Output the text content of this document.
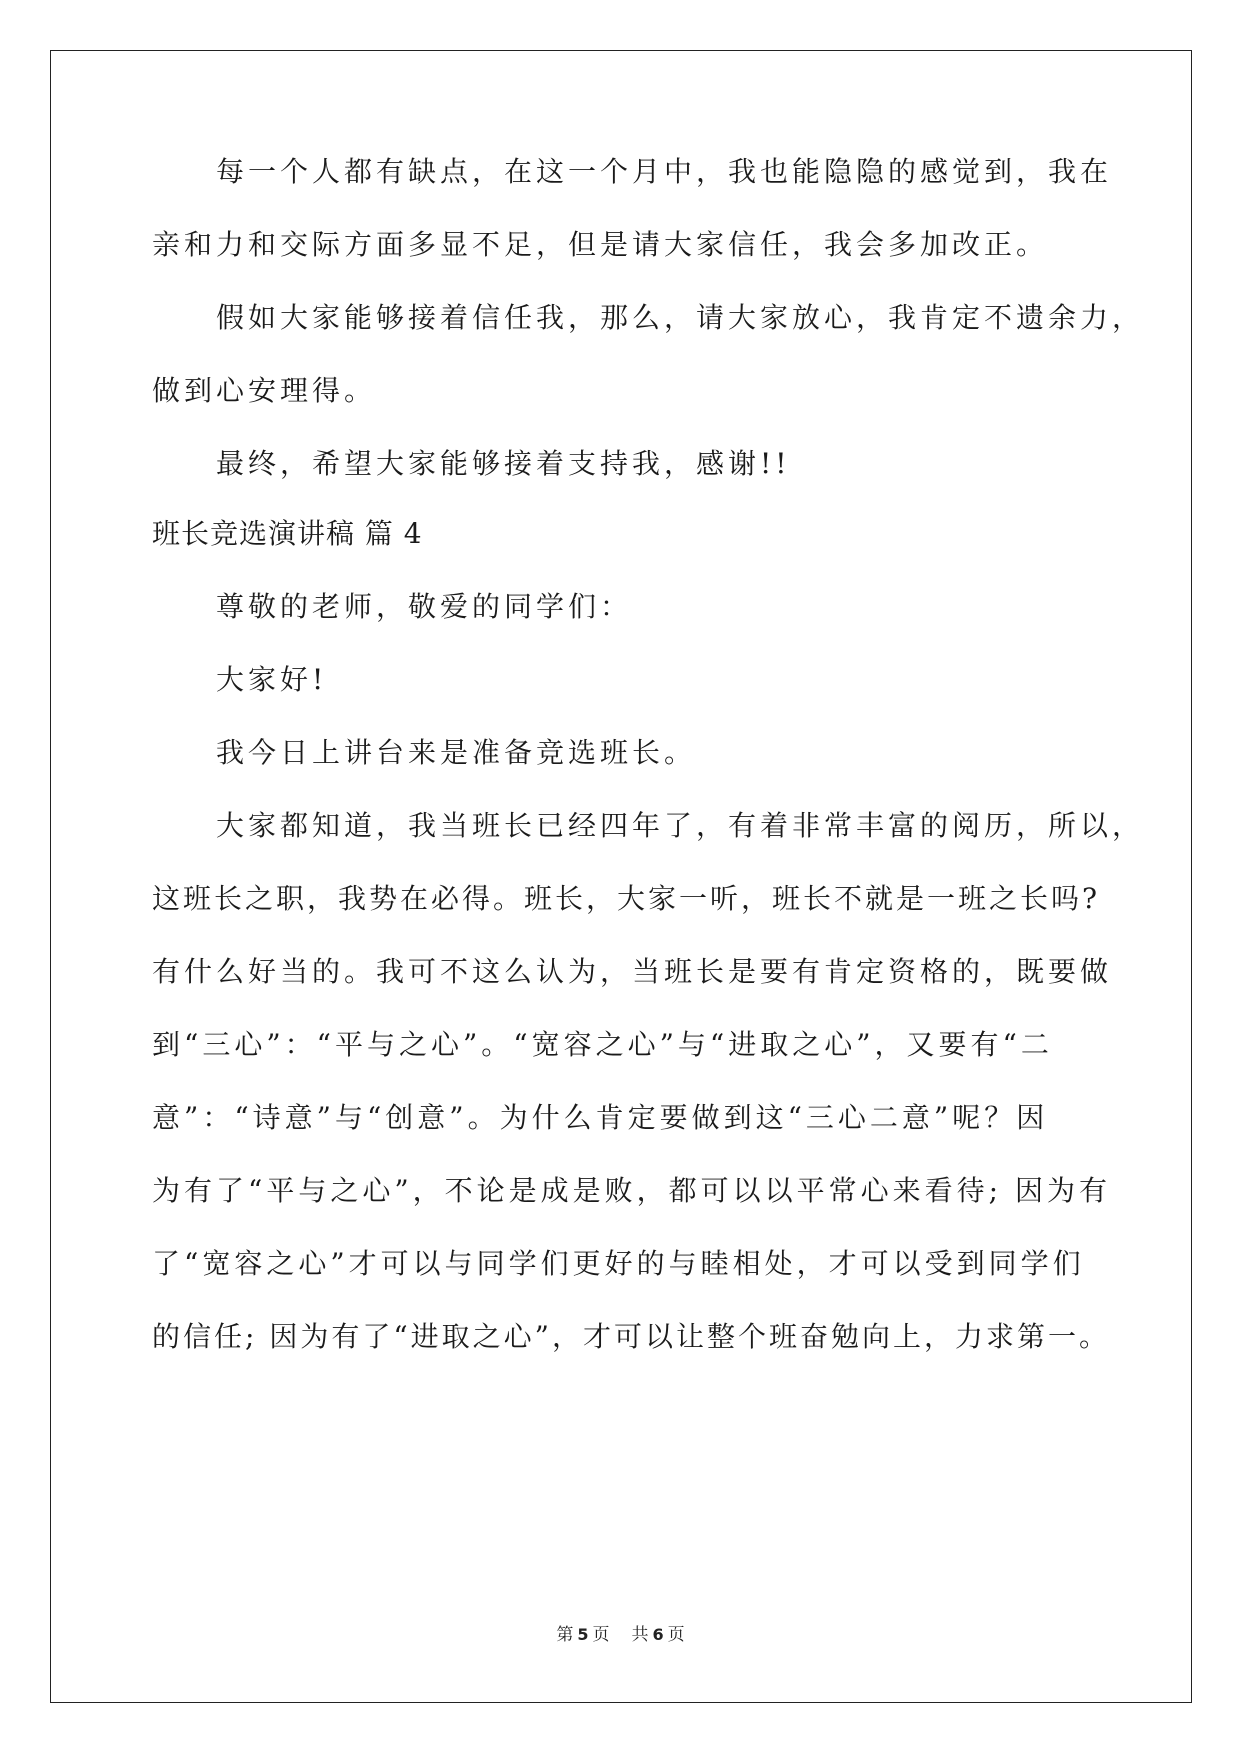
每一个人都有缺点，在这一个月中，我也能隐隐的感觉到，我在
亲和力和交际方面多显不足，但是请大家信任，我会多加改正。
假如大家能够接着信任我，那么，请大家放心，我肯定不遗余力，
做到心安理得。
最终，希望大家能够接着支持我，感谢!!
班长竞选演讲稿 篇 4
尊敬的老师，敬爱的同学们：
大家好!
我今日上讲台来是准备竞选班长。
大家都知道，我当班长已经四年了，有着非常丰富的阅历，所以，
这班长之职，我势在必得。班长，大家一听，班长不就是一班之长吗?
有什么好当的。我可不这么认为，当班长是要有肯定资格的，既要做
到“三心”：“平与之心”。“宽容之心”与“进取之心”，又要有“二
意”：“诗意”与“创意”。为什么肯定要做到这“三心二意”呢？因
为有了“平与之心”，不论是成是败，都可以以平常心来看待; 因为有
了“宽容之心”才可以与同学们更好的与睦相处，才可以受到同学们
的信任; 因为有了“进取之心”，才可以让整个班奋勉向上，力求第一。
第 5 页 共 6 页
